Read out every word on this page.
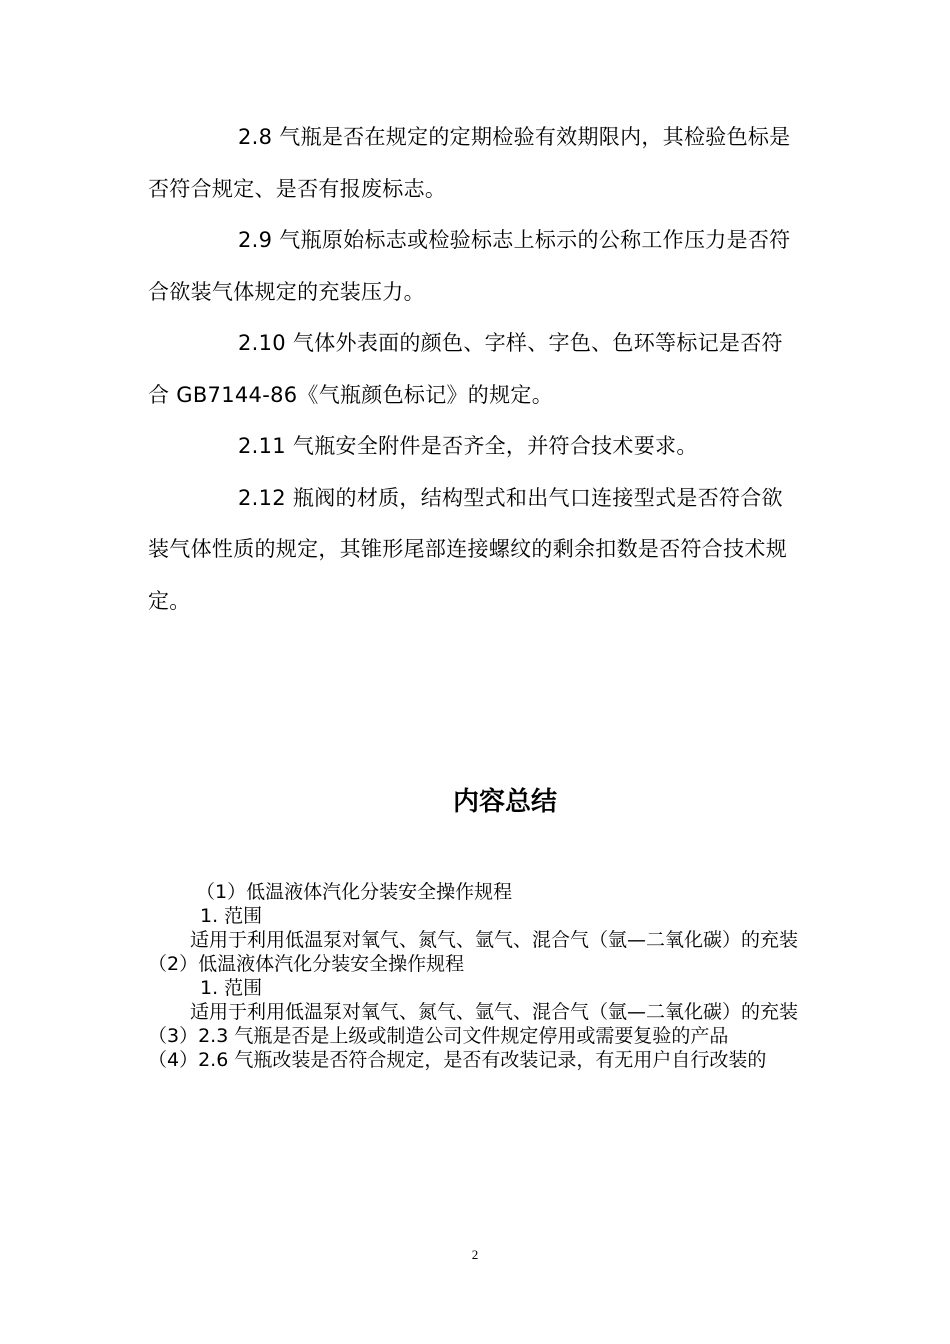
2.8 气瓶是否在规定的定期检验有效期限内，其检验色标是否符合规定、是否有报废标志。

2.9 气瓶原始标志或检验标志上标示的公称工作压力是否符合欲装气体规定的充装压力。

2.10 气体外表面的颜色、字样、字色、色环等标记是否符合 GB7144-86《气瓶颜色标记》的规定。

2.11 气瓶安全附件是否齐全，并符合技术要求。

2.12 瓶阀的材质，结构型式和出气口连接型式是否符合欲装气体性质的规定，其锥形尾部连接螺纹的剩余扣数是否符合技术规定。

内容总结

（1）低温液体汽化分装安全操作规程

1. 范围

适用于利用低温泵对氧气、氮气、氩气、混合气（氩—二氧化碳）的充装

（2）低温液体汽化分装安全操作规程

1. 范围

适用于利用低温泵对氧气、氮气、氩气、混合气（氩—二氧化碳）的充装

（3）2.3 气瓶是否是上级或制造公司文件规定停用或需要复验的产品

（4）2.6 气瓶改装是否符合规定，是否有改装记录，有无用户自行改装的

2
